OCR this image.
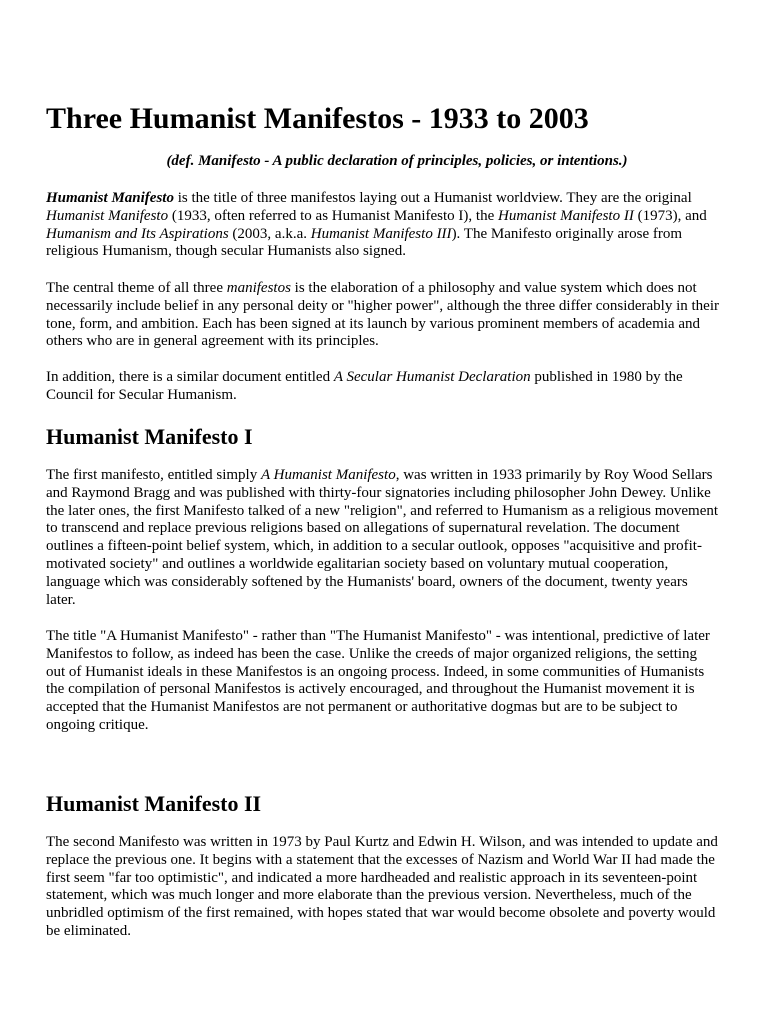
Three Humanist Manifestos - 1933 to 2003
(def. Manifesto - A public declaration of principles, policies, or intentions.)

Humanist Manifesto is the title of three manifestos laying out a Humanist worldview. They are the original
Humanist Manifesto (1933, often referred to as Humanist Manifesto I), the Humanist Manifesto II (1973), and
Humanism and Its Aspirations (2003, a.k.a. Humanist Manifesto III). The Manifesto originally arose from
religious Humanism, though secular Humanists also signed.

The central theme of all three manifestos is the elaboration of a philosophy and value system which does not
necessarily include belief in any personal deity or "higher power", although the three differ considerably in their
tone, form, and ambition. Each has been signed at its launch by various prominent members of academia and
others who are in general agreement with its principles.

In addition, there is a similar document entitled A Secular Humanist Declaration published in 1980 by the
Council for Secular Humanism.

Humanist Manifesto I

The first manifesto, entitled simply A Humanist Manifesto, was written in 1933 primarily by Roy Wood Sellars
and Raymond Bragg and was published with thirty-four signatories including philosopher John Dewey. Unlike
the later ones, the first Manifesto talked of a new "religion", and referred to Humanism as a religious movement
to transcend and replace previous religions based on allegations of supernatural revelation. The document
outlines a fifteen-point belief system, which, in addition to a secular outlook, opposes "acquisitive and profit-
motivated society" and outlines a worldwide egalitarian society based on voluntary mutual cooperation,
language which was considerably softened by the Humanists' board, owners of the document, twenty years
later.

The title "A Humanist Manifesto" - rather than "The Humanist Manifesto" - was intentional, predictive of later
Manifestos to follow, as indeed has been the case. Unlike the creeds of major organized religions, the setting
out of Humanist ideals in these Manifestos is an ongoing process. Indeed, in some communities of Humanists
the compilation of personal Manifestos is actively encouraged, and throughout the Humanist movement it is
accepted that the Humanist Manifestos are not permanent or authoritative dogmas but are to be subject to
ongoing critique.

Humanist Manifesto II

The second Manifesto was written in 1973 by Paul Kurtz and Edwin H. Wilson, and was intended to update and
replace the previous one. It begins with a statement that the excesses of Nazism and World War II had made the
first seem "far too optimistic", and indicated a more hardheaded and realistic approach in its seventeen-point
statement, which was much longer and more elaborate than the previous version. Nevertheless, much of the
unbridled optimism of the first remained, with hopes stated that war would become obsolete and poverty would
be eliminated.
